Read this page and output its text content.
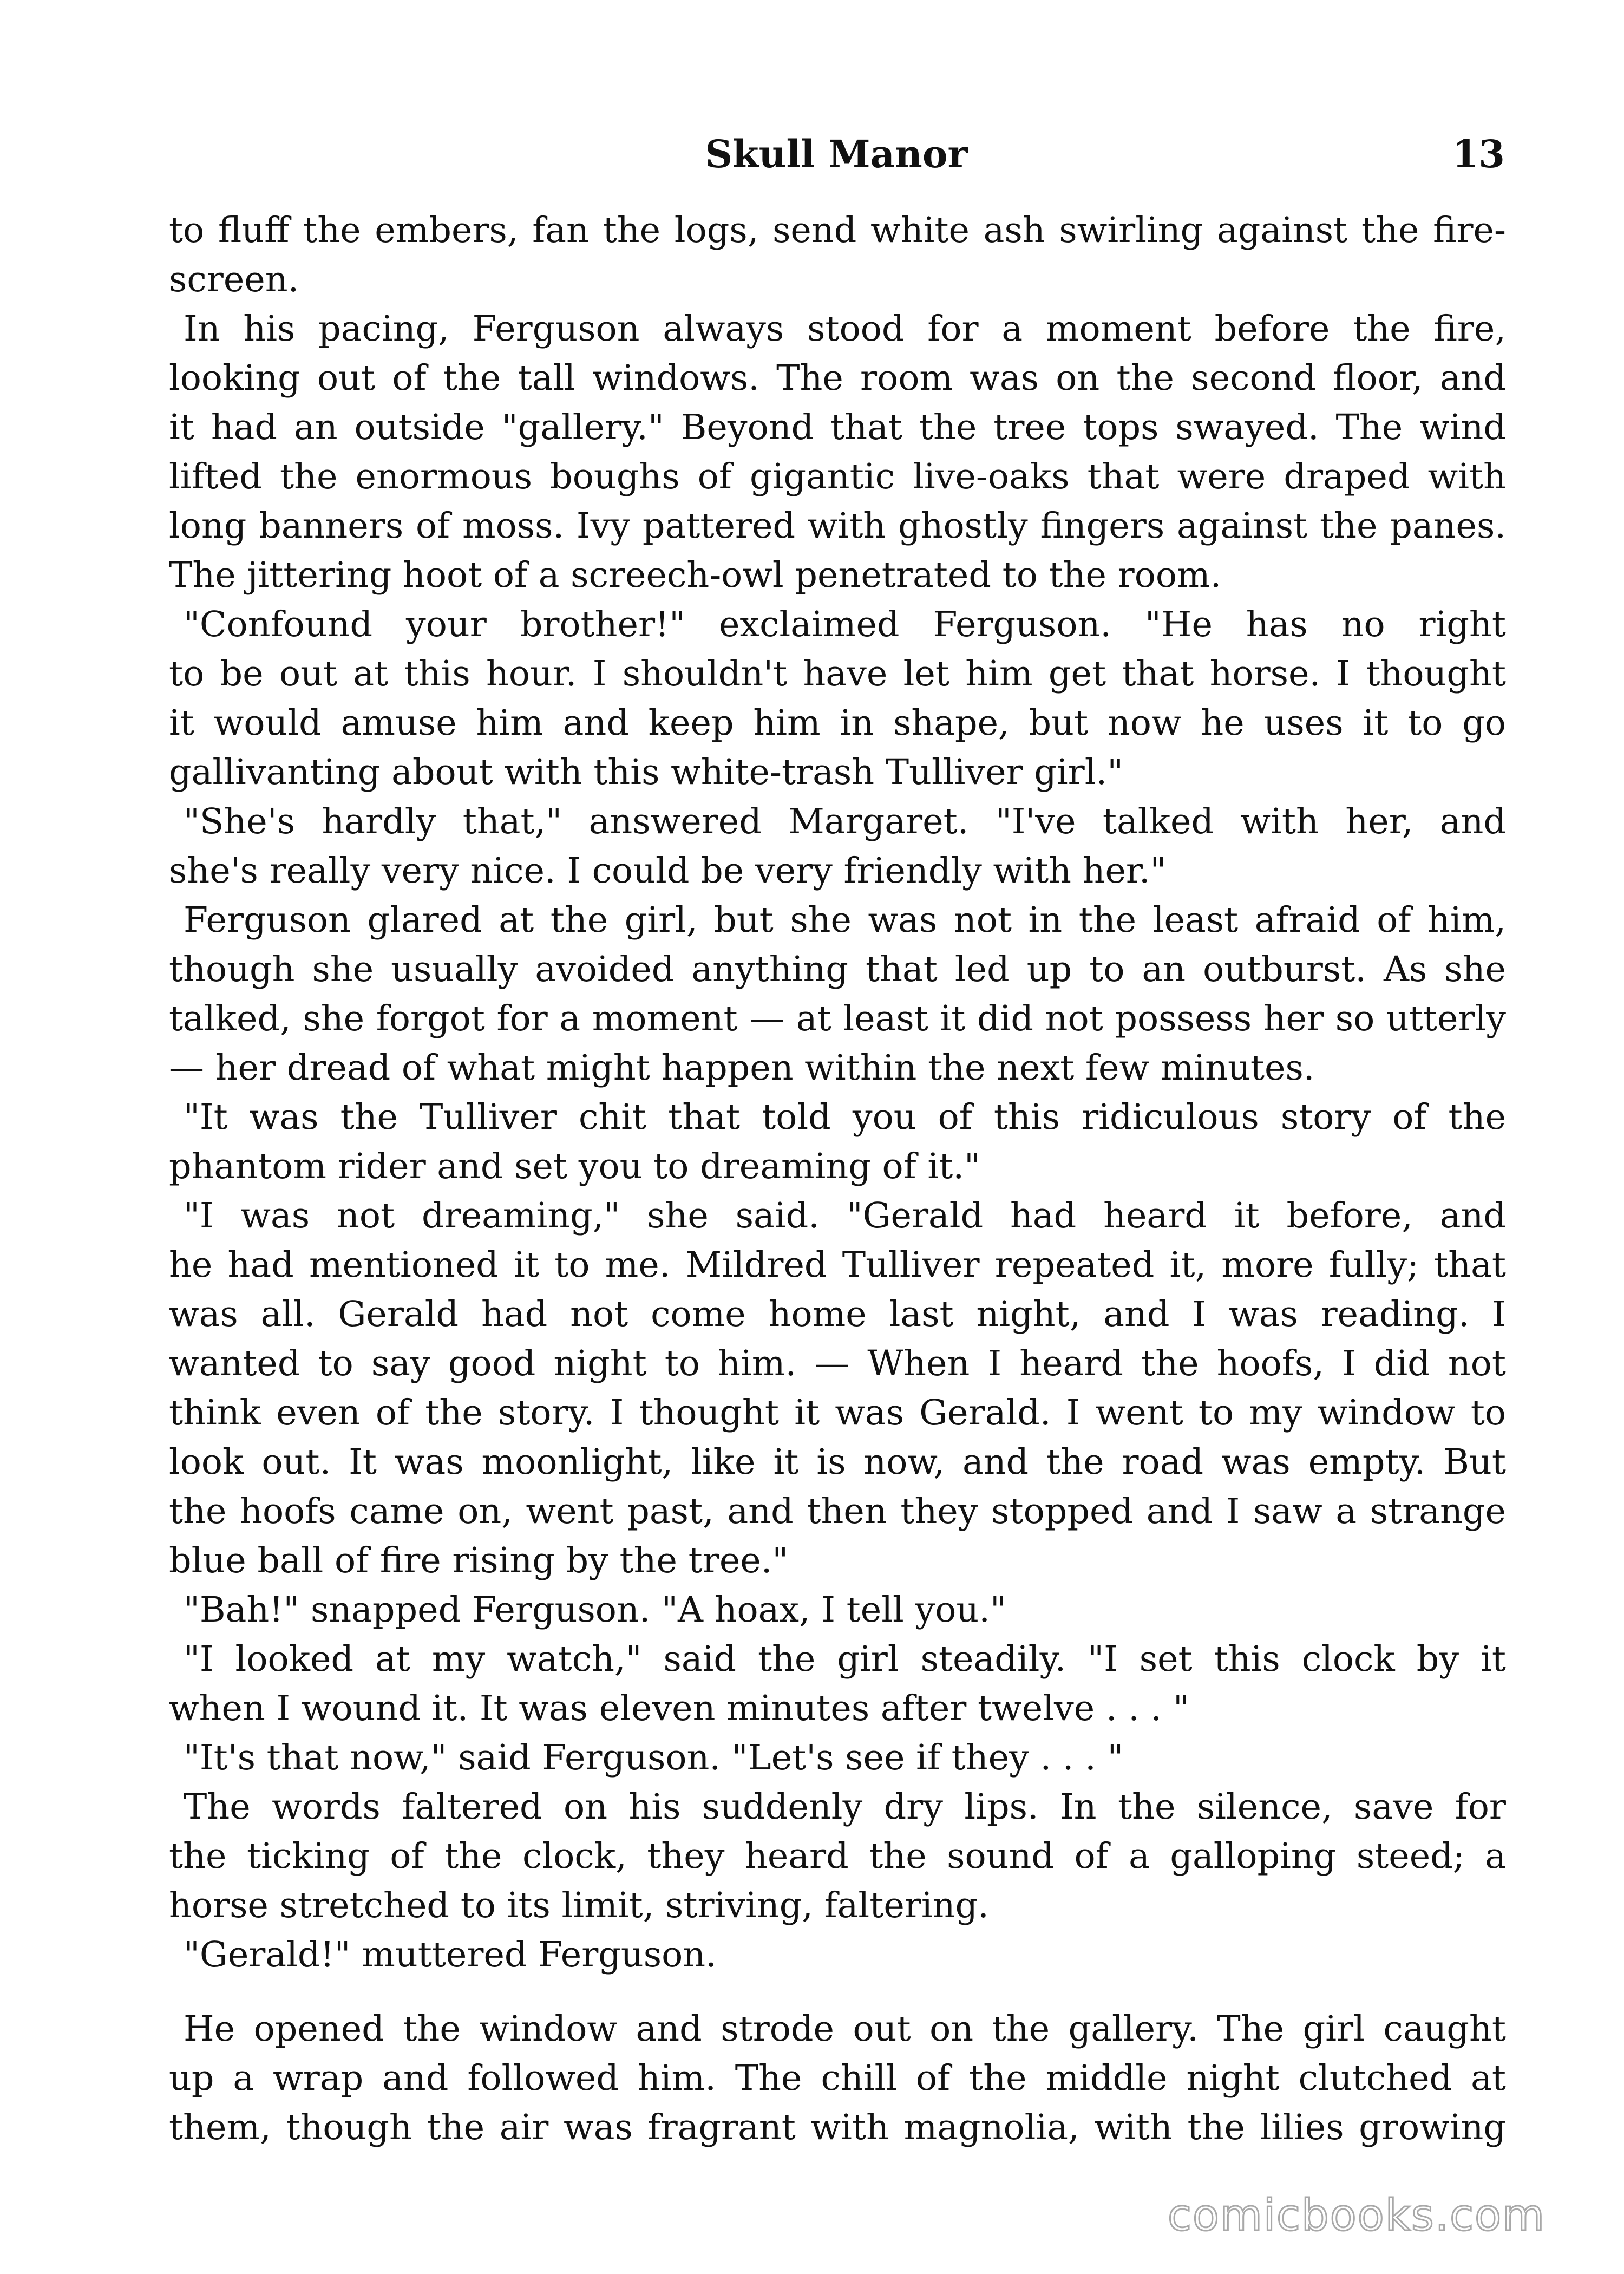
Skull Manor	13
to fluff the embers, fan the logs, send white ash swirling against the fire-
screen.
In his pacing, Ferguson always stood for a moment before the fire,
looking out of the tall windows. The room was on the second floor, and
it had an outside "gallery." Beyond that the tree tops swayed. The wind
lifted the enormous boughs of gigantic live-oaks that were draped with
long banners of moss. Ivy pattered with ghostly fingers against the panes.
The jittering hoot of a screech-owl penetrated to the room.
"Confound your brother!" exclaimed Ferguson. "He has no right
to be out at this hour. I shouldn't have let him get that horse. I thought
it would amuse him and keep him in shape, but now he uses it to go
gallivanting about with this white-trash Tulliver girl."
"She's hardly that," answered Margaret. "I've talked with her, and
she's really very nice. I could be very friendly with her."
Ferguson glared at the girl, but she was not in the least afraid of him,
though she usually avoided anything that led up to an outburst. As she
talked, she forgot for a moment — at least it did not possess her so utterly
— her dread of what might happen within the next few minutes.
"It was the Tulliver chit that told you of this ridiculous story of the
phantom rider and set you to dreaming of it."
"I was not dreaming," she said. "Gerald had heard it before, and
he had mentioned it to me. Mildred Tulliver repeated it, more fully; that
was all. Gerald had not come home last night, and I was reading. I
wanted to say good night to him. — When I heard the hoofs, I did not
think even of the story. I thought it was Gerald. I went to my window to
look out. It was moonlight, like it is now, and the road was empty. But
the hoofs came on, went past, and then they stopped and I saw a strange
blue ball of fire rising by the tree."
"Bah!" snapped Ferguson. "A hoax, I tell you."
"I looked at my watch," said the girl steadily. "I set this clock by it
when I wound it. It was eleven minutes after twelve . . . "
"It's that now," said Ferguson. "Let's see if they . . . "
The words faltered on his suddenly dry lips. In the silence, save for
the ticking of the clock, they heard the sound of a galloping steed; a
horse stretched to its limit, striving, faltering.
"Gerald!" muttered Ferguson.
He opened the window and strode out on the gallery. The girl caught
up a wrap and followed him. The chill of the middle night clutched at
them, though the air was fragrant with magnolia, with the lilies growing
comicbooks.com
